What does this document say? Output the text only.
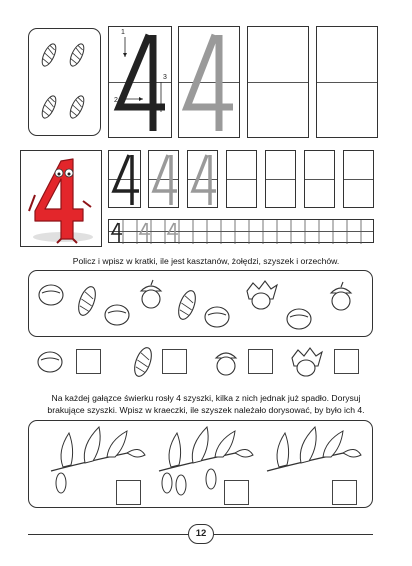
1
2
3
Policz i wpisz w kratki, ile jest kasztanów, żołędzi, szyszek i orzechów.
Na każdej gałązce świerku rosły 4 szyszki, kilka z nich jednak już spadło. Dorysuj
brakujące szyszki. Wpisz w kraeczki, ile szyszek należało dorysować, by było ich 4.
12
